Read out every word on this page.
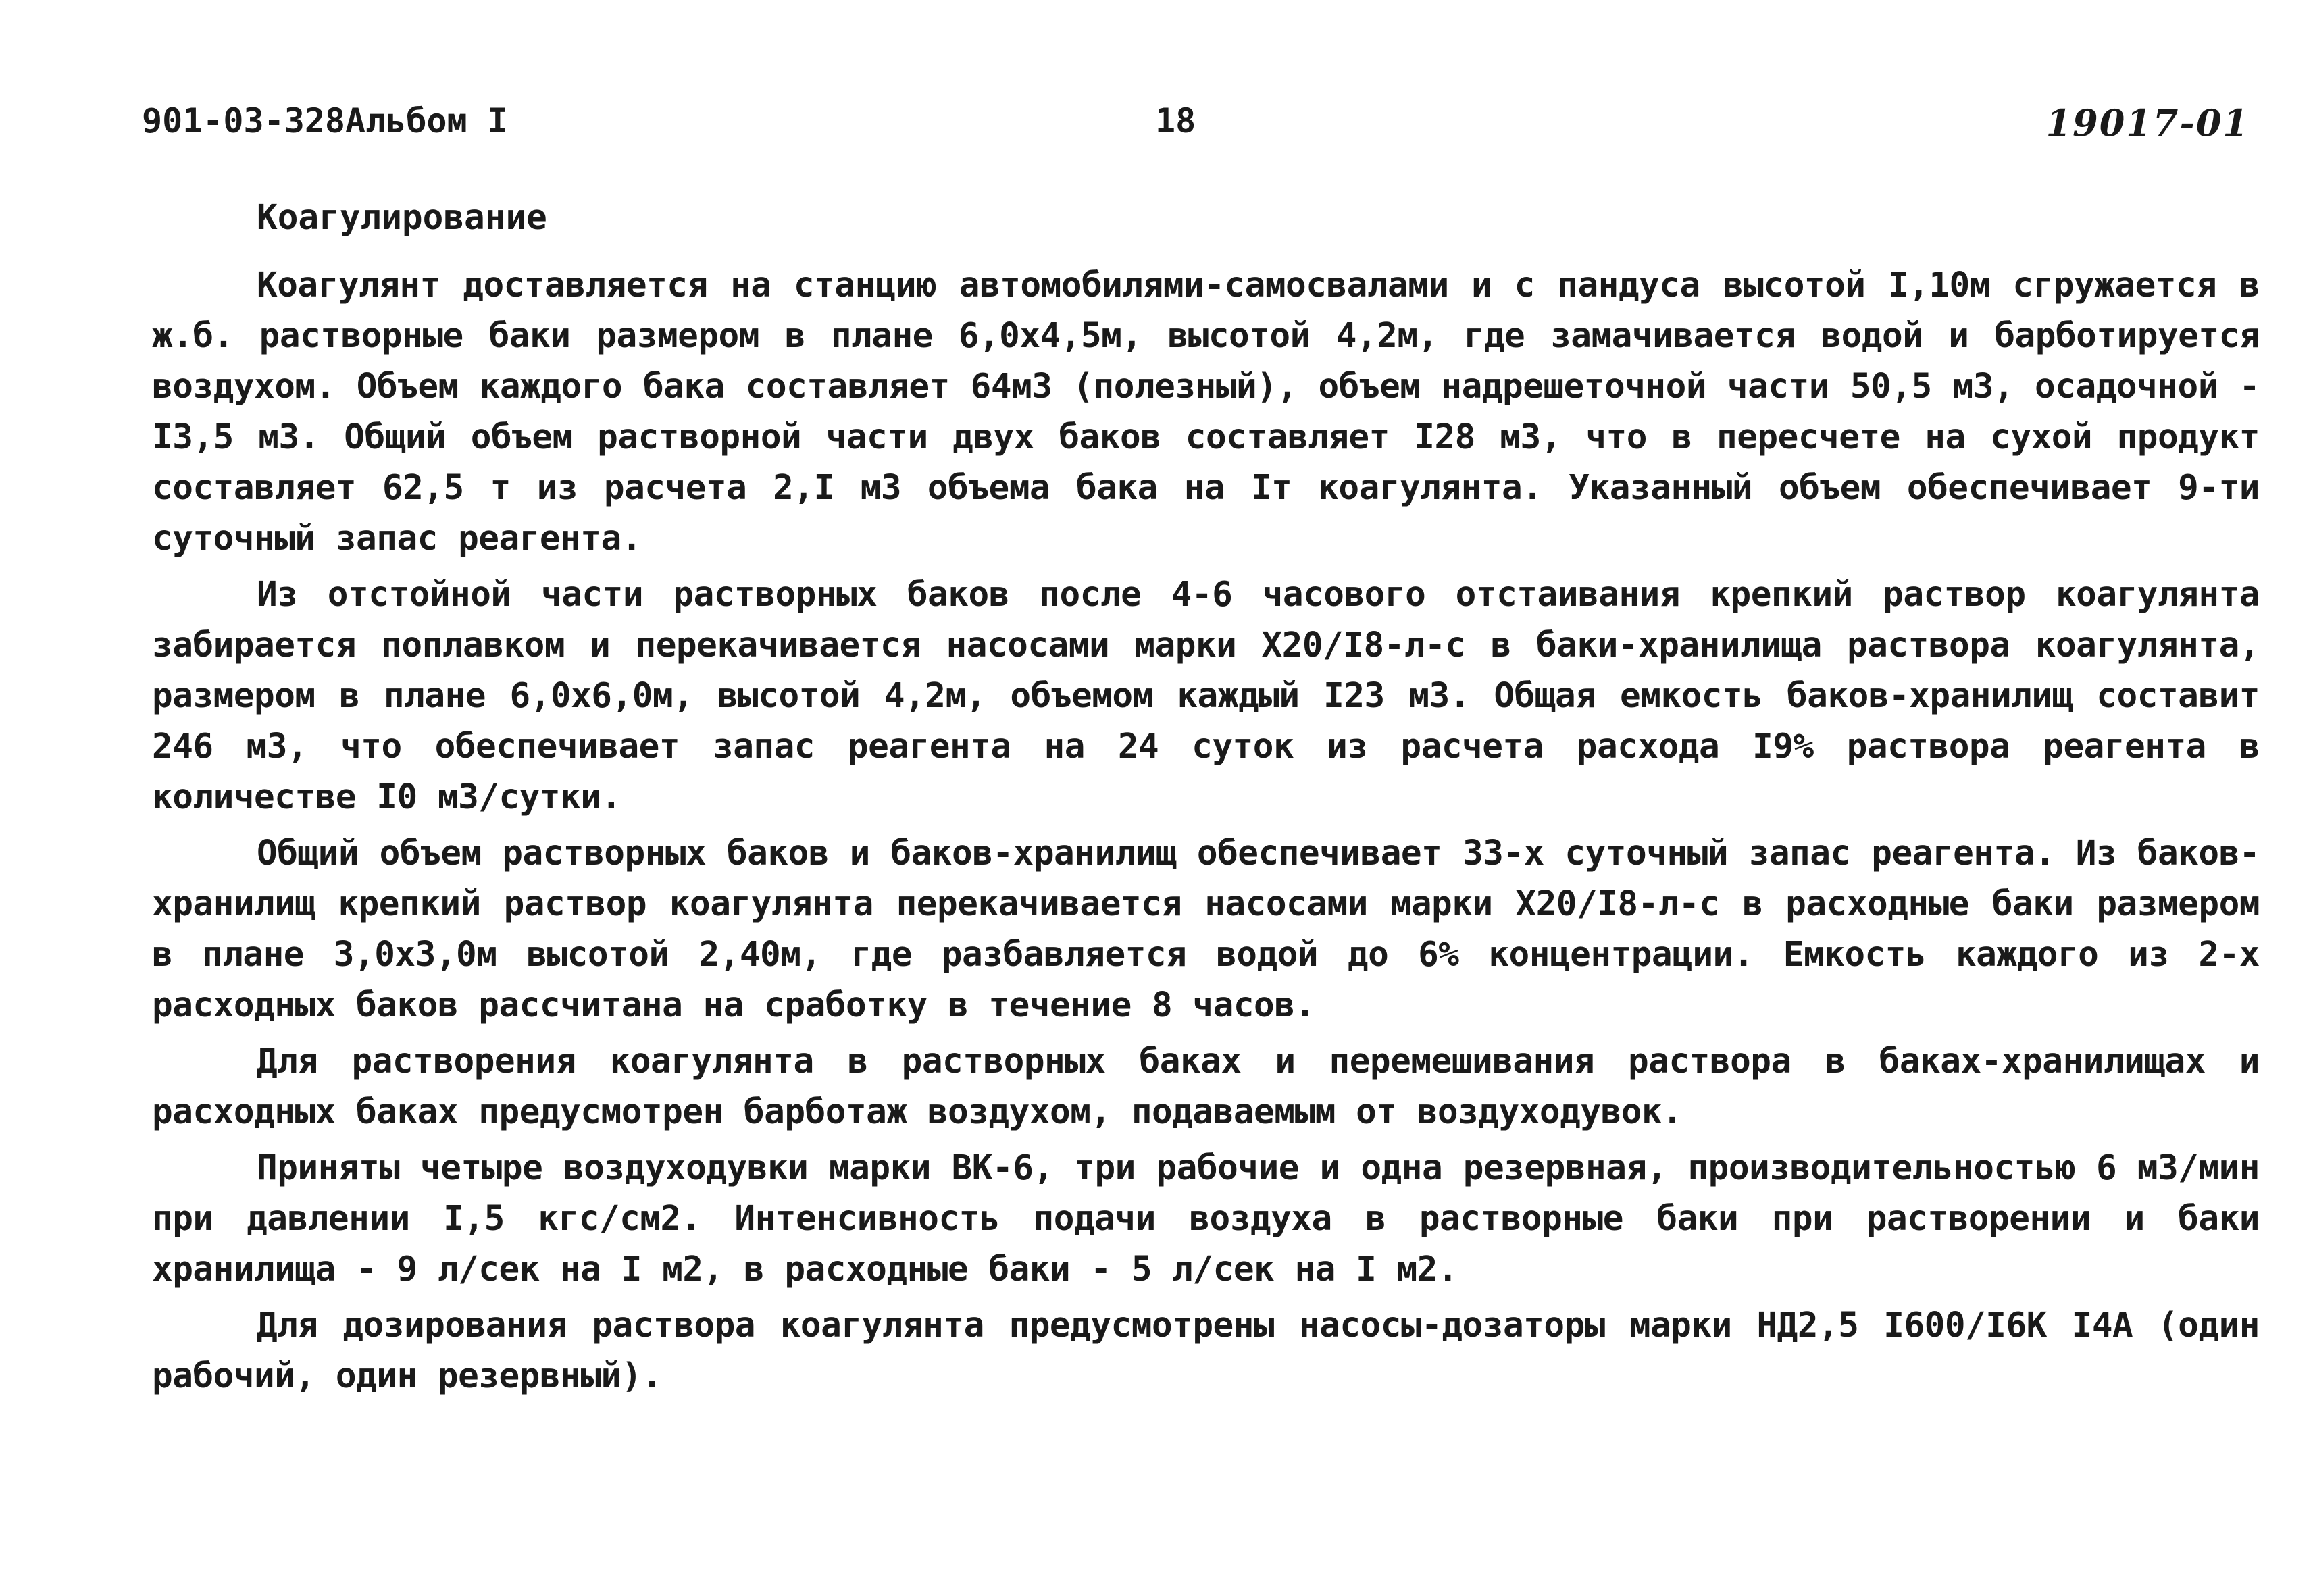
901-03-328Альбом I	18	19017-01
Коагулирование

Коагулянт доставляется на станцию автомобилями-самосвалами и с пандуса высотой I,10м сгружается в ж.б. растворные баки размером в плане 6,0х4,5м, высотой 4,2м, где замачивается водой и барботируется воздухом. Объем каждого бака составляет 64м3 (полезный), объем надрешеточной части 50,5 м3, осадочной - I3,5 м3. Общий объем растворной части двух баков составляет I28 м3, что в пересчете на сухой продукт составляет 62,5 т из расчета 2,I м3 объема бака на Iт коагулянта. Указанный объем обеспечивает 9-ти суточный запас реагента.

Из отстойной части растворных баков после 4-6 часового отстаивания крепкий раствор коагулянта забирается поплавком и перекачивается насосами марки Х20/I8-л-с в баки-хранилища раствора коагулянта, размером в плане 6,0х6,0м, высотой 4,2м, объемом каждый I23 м3. Общая емкость баков-хранилищ составит 246 м3, что обеспечивает запас реагента на 24 суток из расчета расхода I9% раствора реагента в количестве I0 м3/сутки.

Общий объем растворных баков и баков-хранилищ обеспечивает 33-х суточный запас реагента. Из баков-хранилищ крепкий раствор коагулянта перекачивается насосами марки Х20/I8-л-с в расходные баки размером в плане 3,0х3,0м высотой 2,40м, где разбавляется водой до 6% концентрации. Емкость каждого из 2-х расходных баков рассчитана на сработку в течение 8 часов.

Для растворения коагулянта в растворных баках и перемешивания раствора в баках-хранилищах и расходных баках предусмотрен барботаж воздухом, подаваемым от воздуходувок.

Приняты четыре воздуходувки марки ВК-6, три рабочие и одна резервная, производительностью 6 м3/мин при давлении I,5 кгс/см2. Интенсивность подачи воздуха в растворные баки при растворении и баки хранилища - 9 л/сек на I м2, в расходные баки - 5 л/сек на I м2.

Для дозирования раствора коагулянта предусмотрены насосы-дозаторы марки НД2,5 I600/I6К I4А (один рабочий, один резервный).
